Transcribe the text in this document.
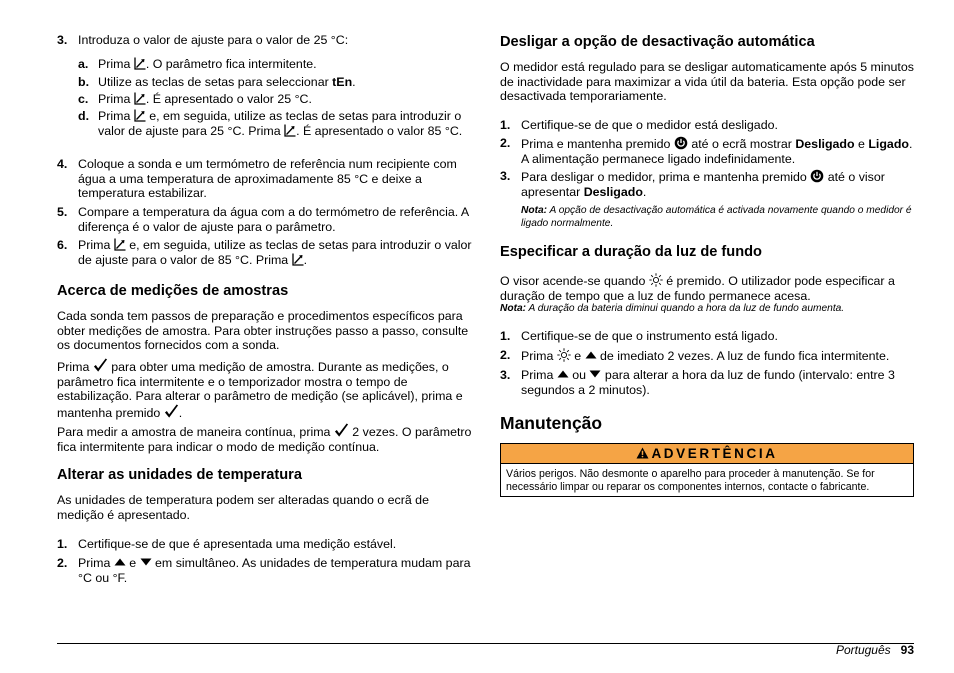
3. Introduza o valor de ajuste para o valor de 25 °C:
a. Prima . O parâmetro fica intermitente.
b. Utilize as teclas de setas para seleccionar tEn.
c. Prima . É apresentado o valor 25 °C.
d. Prima  e, em seguida, utilize as teclas de setas para introduzir o valor de ajuste para 25 °C. Prima . É apresentado o valor 85 °C.
4. Coloque a sonda e um termómetro de referência num recipiente com água a uma temperatura de aproximadamente 85 °C e deixe a temperatura estabilizar.
5. Compare a temperatura da água com a do termómetro de referência. A diferença é o valor de ajuste para o parâmetro.
6. Prima  e, em seguida, utilize as teclas de setas para introduzir o valor de ajuste para o valor de 85 °C. Prima .
Acerca de medições de amostras

Cada sonda tem passos de preparação e procedimentos específicos para obter medições de amostra. Para obter instruções passo a passo, consulte os documentos fornecidos com a sonda.

Prima  para obter uma medição de amostra. Durante as medições, o parâmetro fica intermitente e o temporizador mostra o tempo de estabilização. Para alterar o parâmetro de medição (se aplicável), prima e mantenha premido .

Para medir a amostra de maneira contínua, prima  2 vezes. O parâmetro fica intermitente para indicar o modo de medição contínua.

Alterar as unidades de temperatura

As unidades de temperatura podem ser alteradas quando o ecrã de medição é apresentado.

1. Certifique-se de que é apresentada uma medição estável.
2. Prima  e  em simultâneo. As unidades de temperatura mudam para °C ou °F.
Desligar a opção de desactivação automática

O medidor está regulado para se desligar automaticamente após 5 minutos de inactividade para maximizar a vida útil da bateria. Esta opção pode ser desactivada temporariamente.

1. Certifique-se de que o medidor está desligado.
2. Prima e mantenha premido  até o ecrã mostrar Desligado e Ligado. A alimentação permanece ligado indefinidamente.
3. Para desligar o medidor, prima e mantenha premido  até o visor apresentar Desligado.

Nota: A opção de desactivação automática é activada novamente quando o medidor é ligado normalmente.

Especificar a duração da luz de fundo

O visor acende-se quando  é premido. O utilizador pode especificar a duração de tempo que a luz de fundo permanece acesa.

Nota: A duração da bateria diminui quando a hora da luz de fundo aumenta.

1. Certifique-se de que o instrumento está ligado.
2. Prima  e  de imediato 2 vezes. A luz de fundo fica intermitente.
3. Prima  ou  para alterar a hora da luz de fundo (intervalo: entre 3 segundos a 2 minutos).
Manutenção
ADVERTÊNCIA
Vários perigos. Não desmonte o aparelho para proceder à manutenção. Se for necessário limpar ou reparar os componentes internos, contacte o fabricante.
Português 93
